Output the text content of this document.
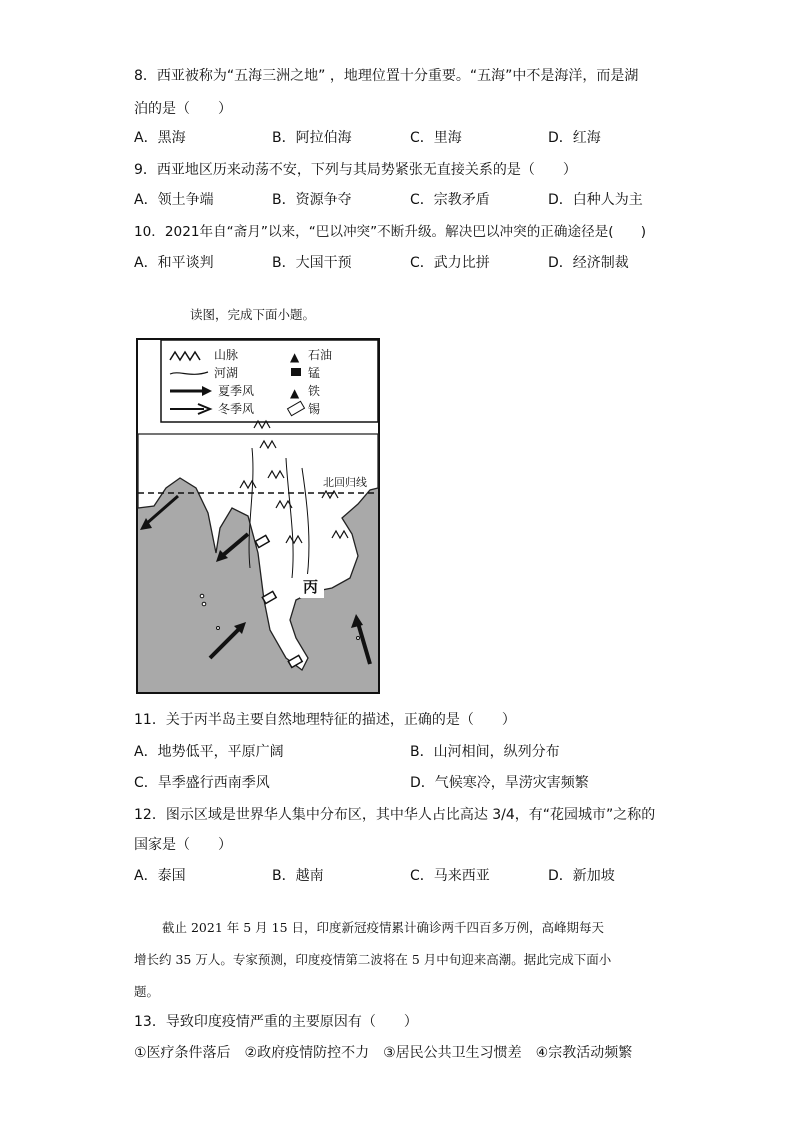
8．西亚被称为“五海三洲之地” ，地理位置十分重要。“五海”中不是海洋，而是湖
泊的是（　　）
A．黑海	B．阿拉伯海	C．里海	D．红海
9．西亚地区历来动荡不安，下列与其局势紧张无直接关系的是（　　）
A．领土争端	B．资源争夺	C．宗教矛盾	D．白种人为主
10．2021年自“斋月”以来，“巴以冲突”不断升级。解决巴以冲突的正确途径是(　　)
A．和平谈判	B．大国干预	C．武力比拼	D．经济制裁
读图，完成下面小题。
山脉	▲ 石油
河湖	锰
夏季风	▲ 铁
冬季风	锡
北回归线
丙
11．关于丙半岛主要自然地理特征的描述，正确的是（　　）
A．地势低平，平原广阔	B．山河相间，纵列分布
C．旱季盛行西南季风	D．气候寒冷，旱涝灾害频繁
12．图示区域是世界华人集中分布区，其中华人占比高达 3/4，有“花园城市”之称的
国家是（　　）
A．泰国	B．越南	C．马来西亚	D．新加坡
截止 2021 年 5 月 15 日，印度新冠疫情累计确诊两千四百多万例，高峰期每天
增长约 35 万人。专家预测，印度疫情第二波将在 5 月中旬迎来高潮。据此完成下面小
题。
13．导致印度疫情严重的主要原因有（　　）
①医疗条件落后　②政府疫情防控不力　③居民公共卫生习惯差　④宗教活动频繁
